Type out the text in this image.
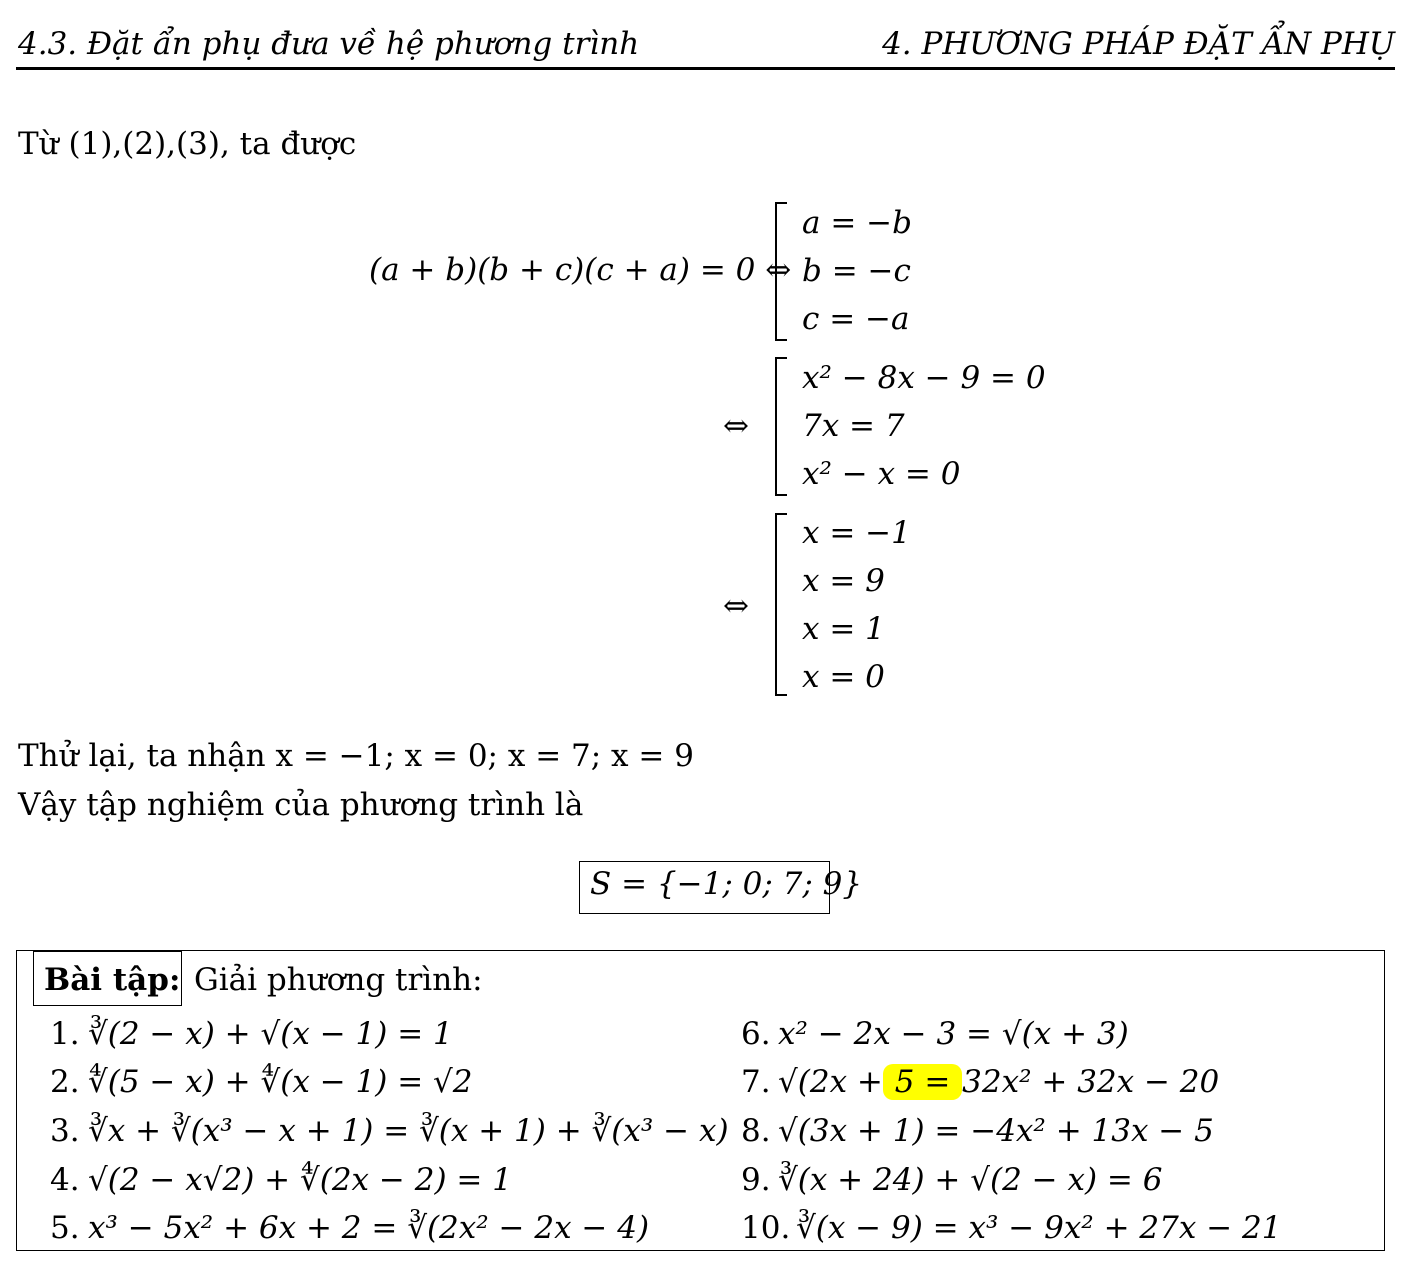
4.3. Đặt ẩn phụ đưa về hệ phương trình	4. PHƯƠNG PHÁP ĐẶT ẨN PHỤ
Từ (1),(2),(3), ta được
(a + b)(b + c)(c + a) = 0 ⇔
a = −b
b = −c
c = −a
⇔
x² − 8x − 9 = 0
7x = 7
x² − x = 0
⇔
x = −1
x = 9
x = 1
x = 0
Thử lại, ta nhận x = −1; x = 0; x = 7; x = 9
Vậy tập nghiệm của phương trình là
S = {−1; 0; 7; 9}
Bài tập: Giải phương trình:
1. ∛(2 − x) + √(x − 1) = 1
2. ∜(5 − x) + ∜(x − 1) = √2
3. ∛x + ∛(x³ − x + 1) = ∛(x + 1) + ∛(x³ − x)
4. √(2 − x√2) + ∜(2x − 2) = 1
5. x³ − 5x² + 6x + 2 = ∛(2x² − 2x − 4)
6. x² − 2x − 3 = √(x + 3)
7. √(2x + 5 = 32x² + 32x − 20
8. √(3x + 1) = −4x² + 13x − 5
9. ∛(x + 24) + √(2 − x) = 6
10. ∛(x − 9) = x³ − 9x² + 27x − 21
